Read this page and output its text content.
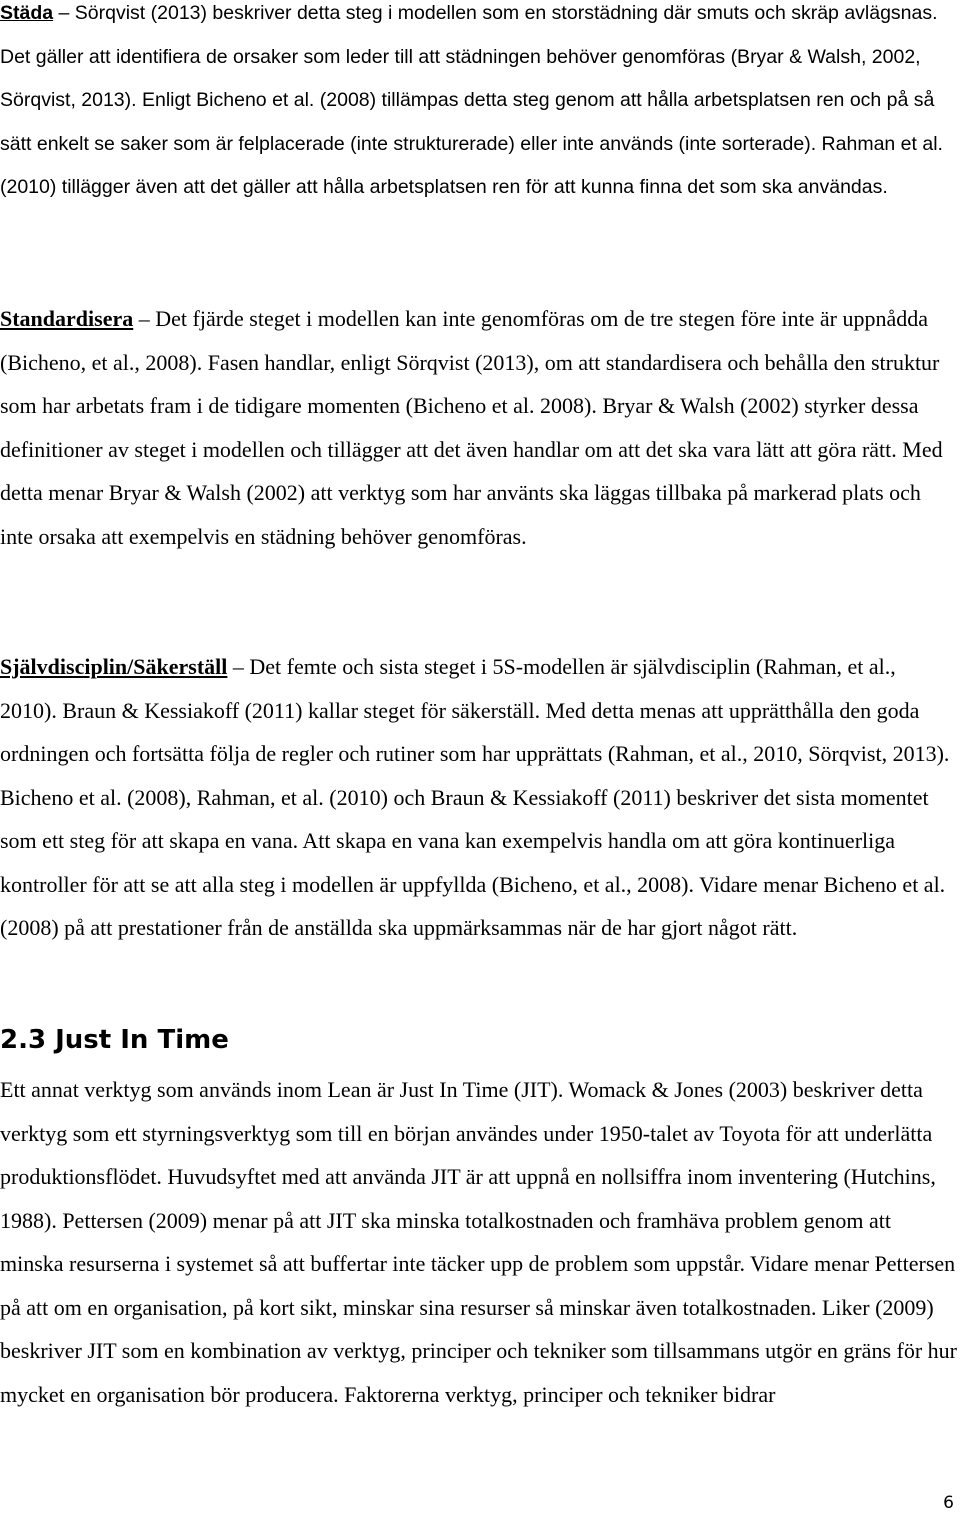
Städa – Sörqvist (2013) beskriver detta steg i modellen som en storstädning där smuts och skräp avlägsnas. Det gäller att identifiera de orsaker som leder till att städningen behöver genomföras (Bryar & Walsh, 2002, Sörqvist, 2013). Enligt Bicheno et al. (2008) tillämpas detta steg genom att hålla arbetsplatsen ren och på så sätt enkelt se saker som är felplacerade (inte strukturerade) eller inte används (inte sorterade). Rahman et al. (2010) tillägger även att det gäller att hålla arbetsplatsen ren för att kunna finna det som ska användas.

Standardisera – Det fjärde steget i modellen kan inte genomföras om de tre stegen före inte är uppnådda (Bicheno, et al., 2008). Fasen handlar, enligt Sörqvist (2013), om att standardisera och behålla den struktur som har arbetats fram i de tidigare momenten (Bicheno et al. 2008). Bryar & Walsh (2002) styrker dessa definitioner av steget i modellen och tillägger att det även handlar om att det ska vara lätt att göra rätt. Med detta menar Bryar & Walsh (2002) att verktyg som har använts ska läggas tillbaka på markerad plats och inte orsaka att exempelvis en städning behöver genomföras.

Självdisciplin/Säkerställ – Det femte och sista steget i 5S-modellen är självdisciplin (Rahman, et al., 2010). Braun & Kessiakoff (2011) kallar steget för säkerställ. Med detta menas att upprätthålla den goda ordningen och fortsätta följa de regler och rutiner som har upprättats (Rahman, et al., 2010, Sörqvist, 2013). Bicheno et al. (2008), Rahman, et al. (2010) och Braun & Kessiakoff (2011) beskriver det sista momentet som ett steg för att skapa en vana. Att skapa en vana kan exempelvis handla om att göra kontinuerliga kontroller för att se att alla steg i modellen är uppfyllda (Bicheno, et al., 2008). Vidare menar Bicheno et al. (2008) på att prestationer från de anställda ska uppmärksammas när de har gjort något rätt.

2.3 Just In Time

Ett annat verktyg som används inom Lean är Just In Time (JIT). Womack & Jones (2003) beskriver detta verktyg som ett styrningsverktyg som till en början användes under 1950-talet av Toyota för att underlätta produktionsflödet. Huvudsyftet med att använda JIT är att uppnå en nollsiffra inom inventering (Hutchins, 1988). Pettersen (2009) menar på att JIT ska minska totalkostnaden och framhäva problem genom att minska resurserna i systemet så att buffertar inte täcker upp de problem som uppstår. Vidare menar Pettersen på att om en organisation, på kort sikt, minskar sina resurser så minskar även totalkostnaden. Liker (2009) beskriver JIT som en kombination av verktyg, principer och tekniker som tillsammans utgör en gräns för hur mycket en organisation bör producera. Faktorerna verktyg, principer och tekniker bidrar

6
